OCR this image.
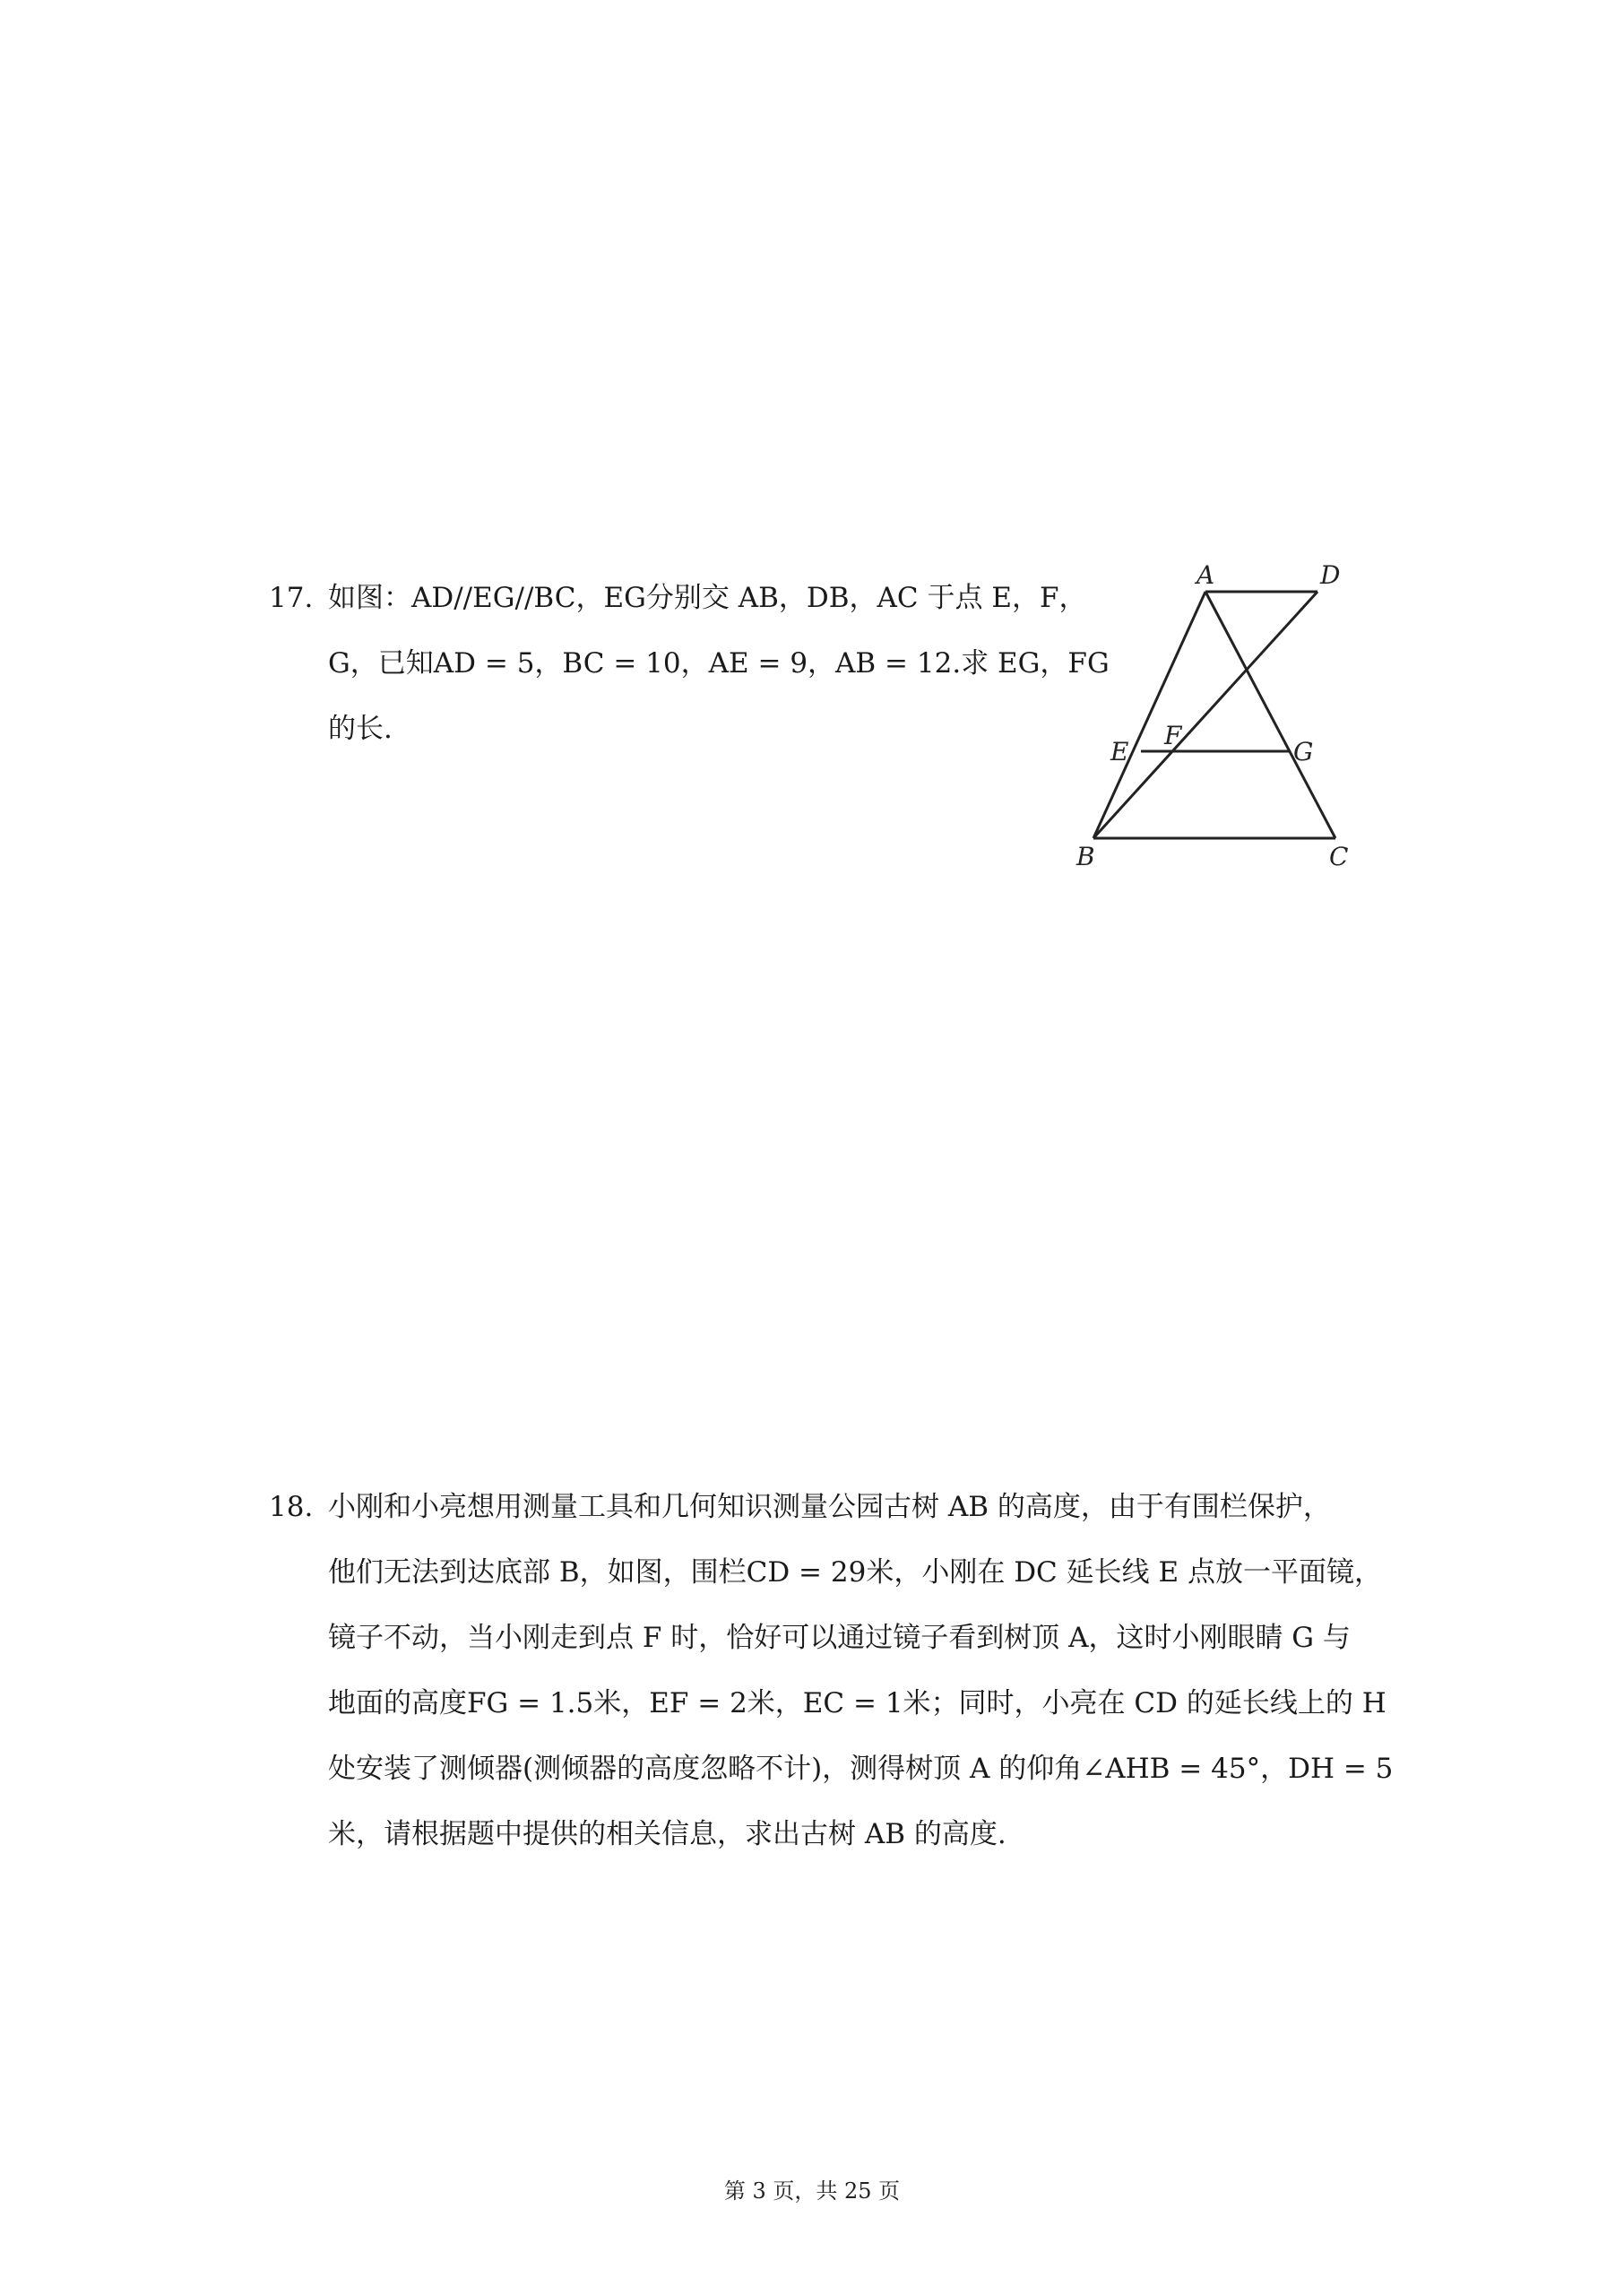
17. 如图：AD//EG//BC，EG分别交 AB，DB，AC 于点 E，F，
G，已知AD = 5，BC = 10，AE = 9，AB = 12.求 EG，FG
的长.
A	D
E
F
G
B	C
18. 小刚和小亮想用测量工具和几何知识测量公园古树 AB 的高度，由于有围栏保护，
他们无法到达底部 B，如图，围栏CD = 29米，小刚在 DC 延长线 E 点放一平面镜，
镜子不动，当小刚走到点 F 时，恰好可以通过镜子看到树顶 A，这时小刚眼睛 G 与
地面的高度FG = 1.5米，EF = 2米，EC = 1米；同时，小亮在 CD 的延长线上的 H
处安装了测倾器(测倾器的高度忽略不计)，测得树顶 A 的仰角∠AHB = 45°，DH = 5
米，请根据题中提供的相关信息，求出古树 AB 的高度.
第 3 页，共 25 页
